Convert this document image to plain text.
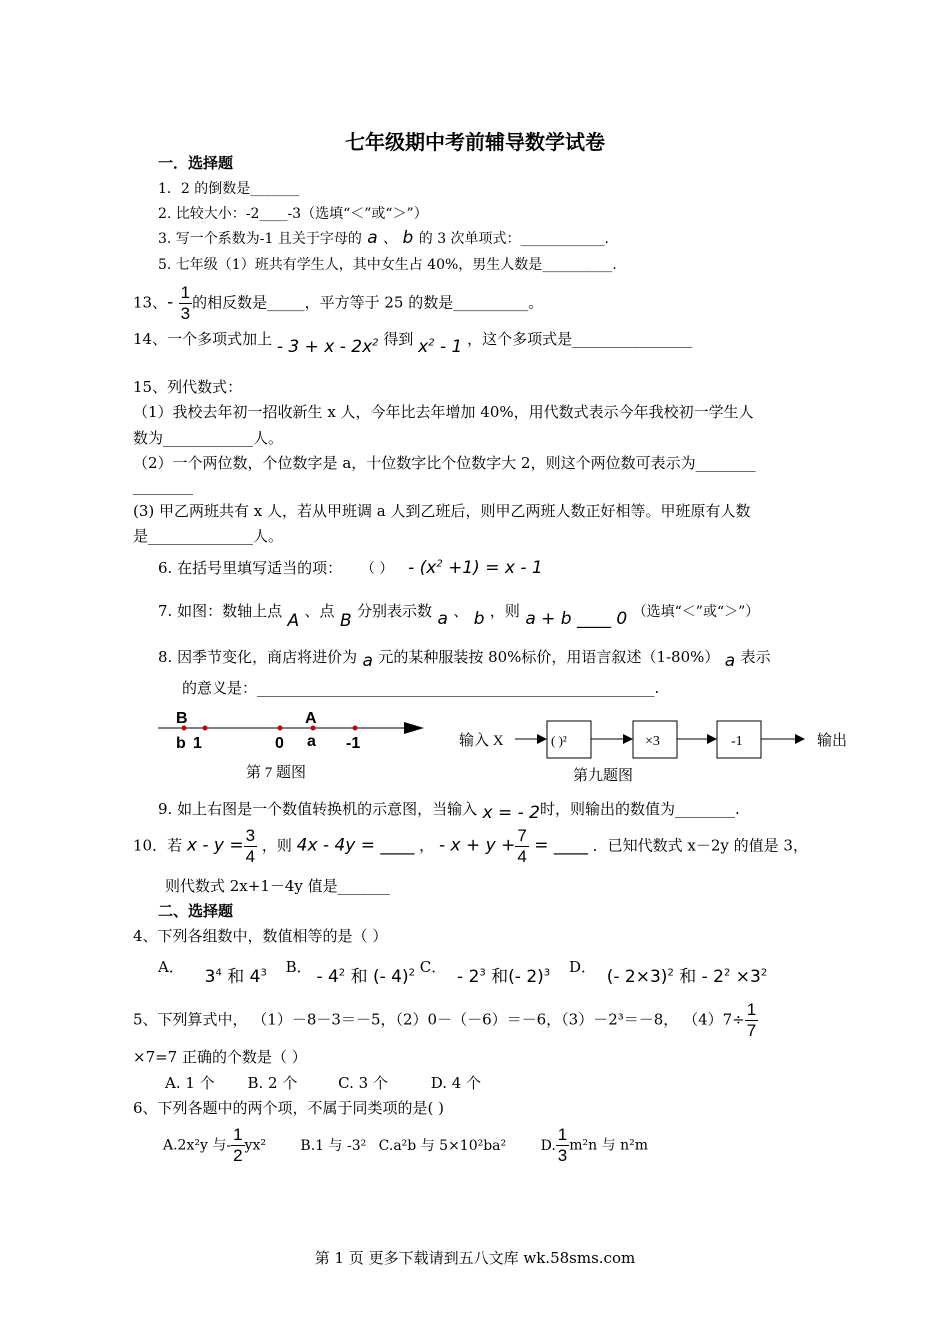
七年级期中考前辅导数学试卷
一．选择题
1．2 的倒数是_______
2. 比较大小：-2____-3（选填“＜”或“＞”）
3. 写一个系数为-1 且关于字母的 a 、 b 的 3 次单项式：____________.
5. 七年级（1）班共有学生人，其中女生占 40%，男生人数是__________.
13、- $\frac{1}{3}$ 的相反数是_____，平方等于 25 的数是__________。
14、一个多项式加上 - $3 + x - 2x^2$ 得到 $x^2 - 1$ ，这个多项式是________________
15、列代数式：
（1）我校去年初一招收新生 x 人，今年比去年增加 40%，用代数式表示今年我校初一学生人
数为____________人。
（2）一个两位数，个位数字是 a，十位数字比个位数字大 2，则这个两位数可表示为________
________
(3) 甲乙两班共有 x 人，若从甲班调 a 人到乙班后，则甲乙两班人数正好相等。甲班原有人数
是______________人。
6. 在括号里填写适当的项： （ ） - $(x^2 +1) = x - 1$
7. 如图：数轴上点 A 、点 B 分别表示数 a 、 b ，则 a + b ____ 0 （选填“＜”或“＞”）
8. 因季节变化，商店将进价为 a 元的某种服装按 80%标价，用语言叙述（1-80%） a 表示
的意义是：_____________________________________________________.
B
b 1	0
A
a -1
第 7 题图
输入 X	( )²	×3	-1	输出
第九题图
9. 如上右图是一个数值转换机的示意图，当输入 x = - 2时，则输出的数值为________.
10．若 $x - y = \frac{3}{4}$ ，则 4x - 4y = ____ ， - $x + y + \frac{7}{4}$ = ____ ．已知代数式 x－2y 的值是 3，
则代数式 2x+1－4y 值是_______
二、选择题
4、下列各组数中，数值相等的是（ ）
A． $3^4$ 和 $4^3$ B． - $4^2$ 和 (- 4)$^2$ C． - $2^3$ 和(- 2)$^3$ D． (- 2×3)$^2$ 和 - $2^2 \times 3^2$
5、下列算式中， （1）－8－3＝－5，（2）0－（－6）＝－6，（3）－2³＝－8， $(4)7\div \frac{1}{7}$
×7=7 正确的个数是（ ）
A. 1 个 B. 2 个	C. 3 个	D. 4 个
6、下列各题中的两个项，不属于同类项的是( )
A.2x²y 与- $\frac{1}{2} yx^2$ B.1 与 -3² C.a²b 与 5×10²ba² D. $\frac{1}{3} m^2n$ 与 n²m
第 1 页 更多下载请到五八文库 wk.58sms.com
